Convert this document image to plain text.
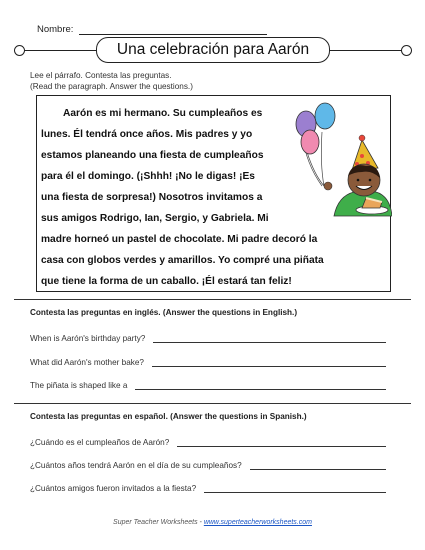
Nombre:
Una celebración para Aarón
Lee el párrafo. Contesta las preguntas.
(Read the paragraph. Answer the questions.)
Aarón es mi hermano. Su cumpleaños es
lunes. Él tendrá once años. Mis padres y yo
estamos planeando una fiesta de cumpleaños
para él el domingo. (¡Shhh! ¡No le digas! ¡Es
una fiesta de sorpresa!) Nosotros invitamos a
sus amigos Rodrigo, Ian, Sergio, y Gabriela. Mi
madre horneó un pastel de chocolate. Mi padre decoró la
casa con globos verdes y amarillos. Yo compré una piñata
que tiene la forma de un caballo. ¡Él estará tan feliz!
Contesta las preguntas en inglés. (Answer the questions in English.)
When is Aarón's birthday party?
What did Aarón's mother bake?
The piñata is shaped like a
Contesta las preguntas en español. (Answer the questions in Spanish.)
¿Cuándo es el cumpleaños de Aarón?
¿Cuántos años tendrá Aarón en el día de su cumpleaños?
¿Cuántos amigos fueron invitados a la fiesta?
Super Teacher Worksheets - www.superteacherworksheets.com
